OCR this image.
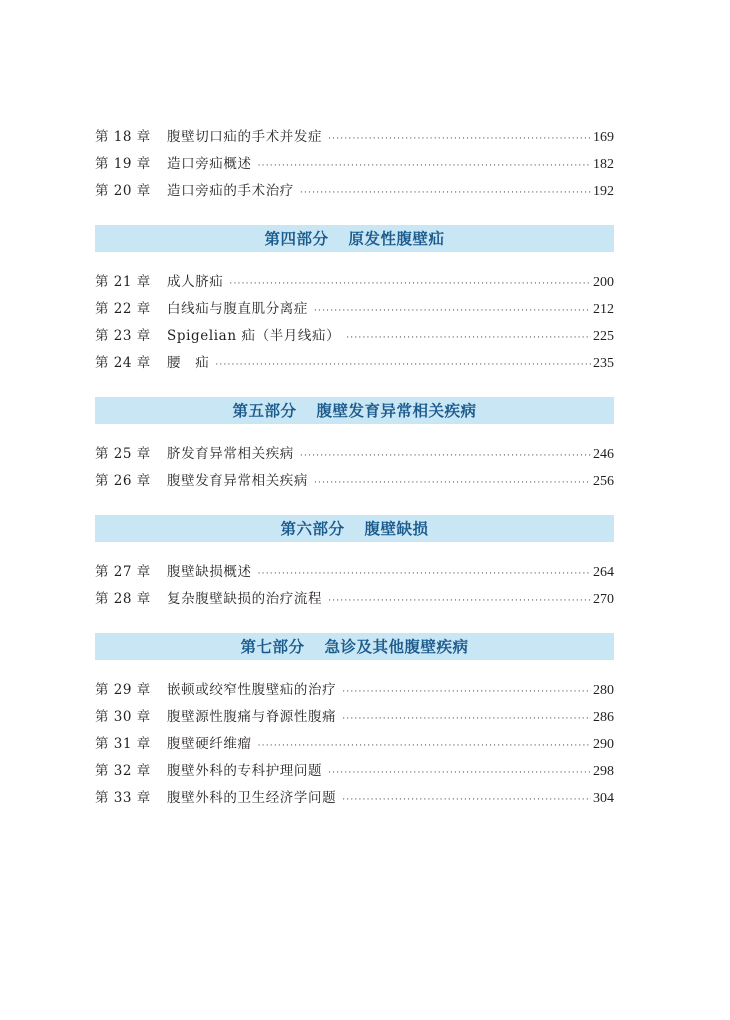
第 18 章	腹壁切口疝的手术并发症 ·····	169
第 19 章	造口旁疝概述 ·····	182
第 20 章	造口旁疝的手术治疗 ·····	192
第四部分 原发性腹壁疝
第 21 章	成人脐疝 ·····	200
第 22 章	白线疝与腹直肌分离症 ·····	212
第 23 章	Spigelian 疝（半月线疝） ·····	225
第 24 章	腰　疝 ·····	235
第五部分 腹壁发育异常相关疾病
第 25 章	脐发育异常相关疾病 ·····	246
第 26 章	腹壁发育异常相关疾病 ·····	256
第六部分 腹壁缺损
第 27 章	腹壁缺损概述 ·····	264
第 28 章	复杂腹壁缺损的治疗流程 ·····	270
第七部分 急诊及其他腹壁疾病
第 29 章	嵌顿或绞窄性腹壁疝的治疗 ·····	280
第 30 章	腹壁源性腹痛与脊源性腹痛 ·····	286
第 31 章	腹壁硬纤维瘤 ·····	290
第 32 章	腹壁外科的专科护理问题 ·····	298
第 33 章	腹壁外科的卫生经济学问题 ·····	304
